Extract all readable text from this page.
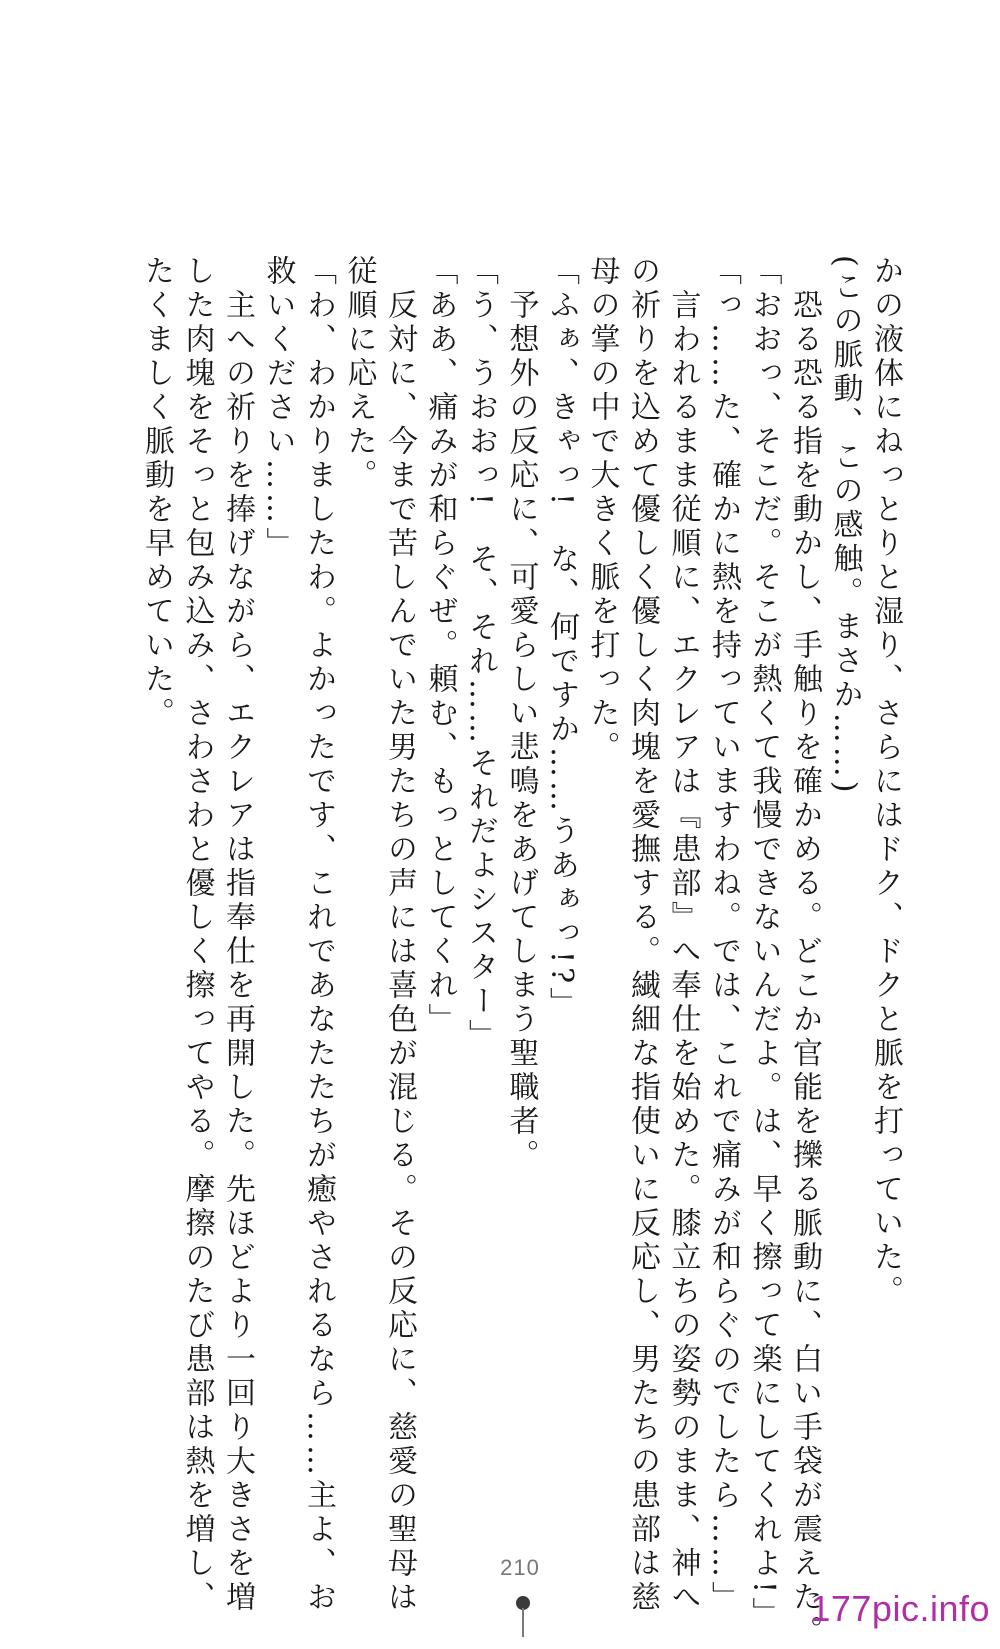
かの液体にねっとりと湿り、さらにはドク、ドクと脈を打っていた。
(この脈動、この感触。まさか……)
　恐る恐る指を動かし、手触りを確かめる。どこか官能を擽る脈動に、白い手袋が震えた。
「おおっ、そこだ。そこが熱くて我慢できないんだよ。は、早く擦って楽にしてくれよ!」
「っ……た、確かに熱を持っていますわね。では、これで痛みが和らぐのでしたら……」
　言われるまま従順に、エクレアは『患部』へ奉仕を始めた。膝立ちの姿勢のまま、神へ
の祈りを込めて優しく優しく肉塊を愛撫する。繊細な指使いに反応し、男たちの患部は慈
母の掌の中で大きく脈を打った。
「ふぁ、きゃっ!　な、何ですか……うあぁっ!?」
　予想外の反応に、可愛らしい悲鳴をあげてしまう聖職者。
「う、うおおっ!　そ、それ……それだよシスター」
「ああ、痛みが和らぐぜ。頼む、もっとしてくれ」
　反対に、今まで苦しんでいた男たちの声には喜色が混じる。その反応に、慈愛の聖母は
従順に応えた。
「わ、わかりましたわ。よかったです、これであなたたちが癒やされるなら……主よ、お
救いください……」
　主への祈りを捧げながら、エクレアは指奉仕を再開した。先ほどより一回り大きさを増
した肉塊をそっと包み込み、さわさわと優しく擦ってやる。摩擦のたび患部は熱を増し、
たくましく脈動を早めていた。
210
177pic.info
